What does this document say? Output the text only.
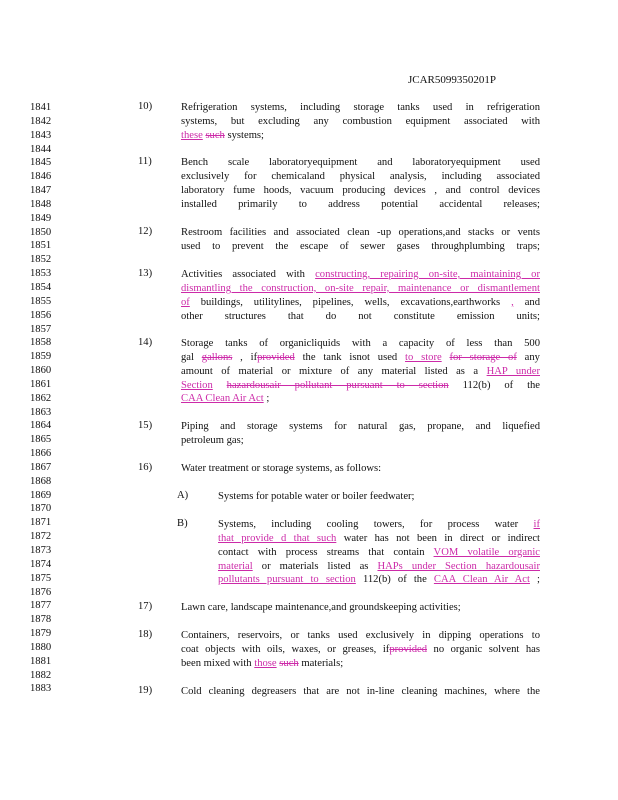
JCAR5099350201P
1841
1842
1843
1844
1845
1846
1847
1848
1849
1850
1851
1852
1853
1854
1855
1856
1857
1858
1859
1860
1861
1862
1863
1864
1865
1866
1867
1868
1869
1870
1871
1872
1873
1874
1875
1876
1877
1878
1879
1880
1881
1882
1883
10)	Refrigeration systems, including storage tanks used in refrigeration
systems, but excluding any combustion equipment associated with
these such systems;
11)	Bench scale laboratoryequipment and laboratoryequipment used
exclusively for chemicaland physical analysis, including associated
laboratory fume hoods, vacuum producing devices , and control devices
installed primarily to address potential accidental releases;
12)	Restroom facilities and associated clean -up operations,and stacks or vents
used to prevent the escape of sewer gases throughplumbing traps;
13)	Activities associated with constructing, repairing on-site, maintaining or
dismantling the construction, on-site repair, maintenance or dismantlement
of buildings, utilitylines, pipelines, wells, excavations,earthworks , and
other structures that do not constitute emission units;
14)	Storage tanks of organicliquids with a capacity of less than 500
gal gallons , ifprovided the tank isnot used to store for storage of any
amount of material or mixture of any material listed as a HAP under
Section hazardousair pollutant pursuant to section 112(b) of the
CAA Clean Air Act ;
15)	Piping and storage systems for natural gas, propane, and liquefied
petroleum gas;
16)	Water treatment or storage systems, as follows:
A)	Systems for potable water or boiler feedwater;
B)	Systems, including cooling towers, for process water if
that provide d that such water has not been in direct or indirect
contact with process streams that contain VOM volatile organic
material or materials listed as HAPs under Section hazardousair
pollutants pursuant to section 112(b) of the CAA Clean Air Act ;
17)	Lawn care, landscape maintenance,and groundskeeping activities;
18)	Containers, reservoirs, or tanks used exclusively in dipping operations to
coat objects with oils, waxes, or greases, ifprovided no organic solvent has
been mixed with those such materials;
19)	Cold cleaning degreasers that are not in-line cleaning machines, where the
